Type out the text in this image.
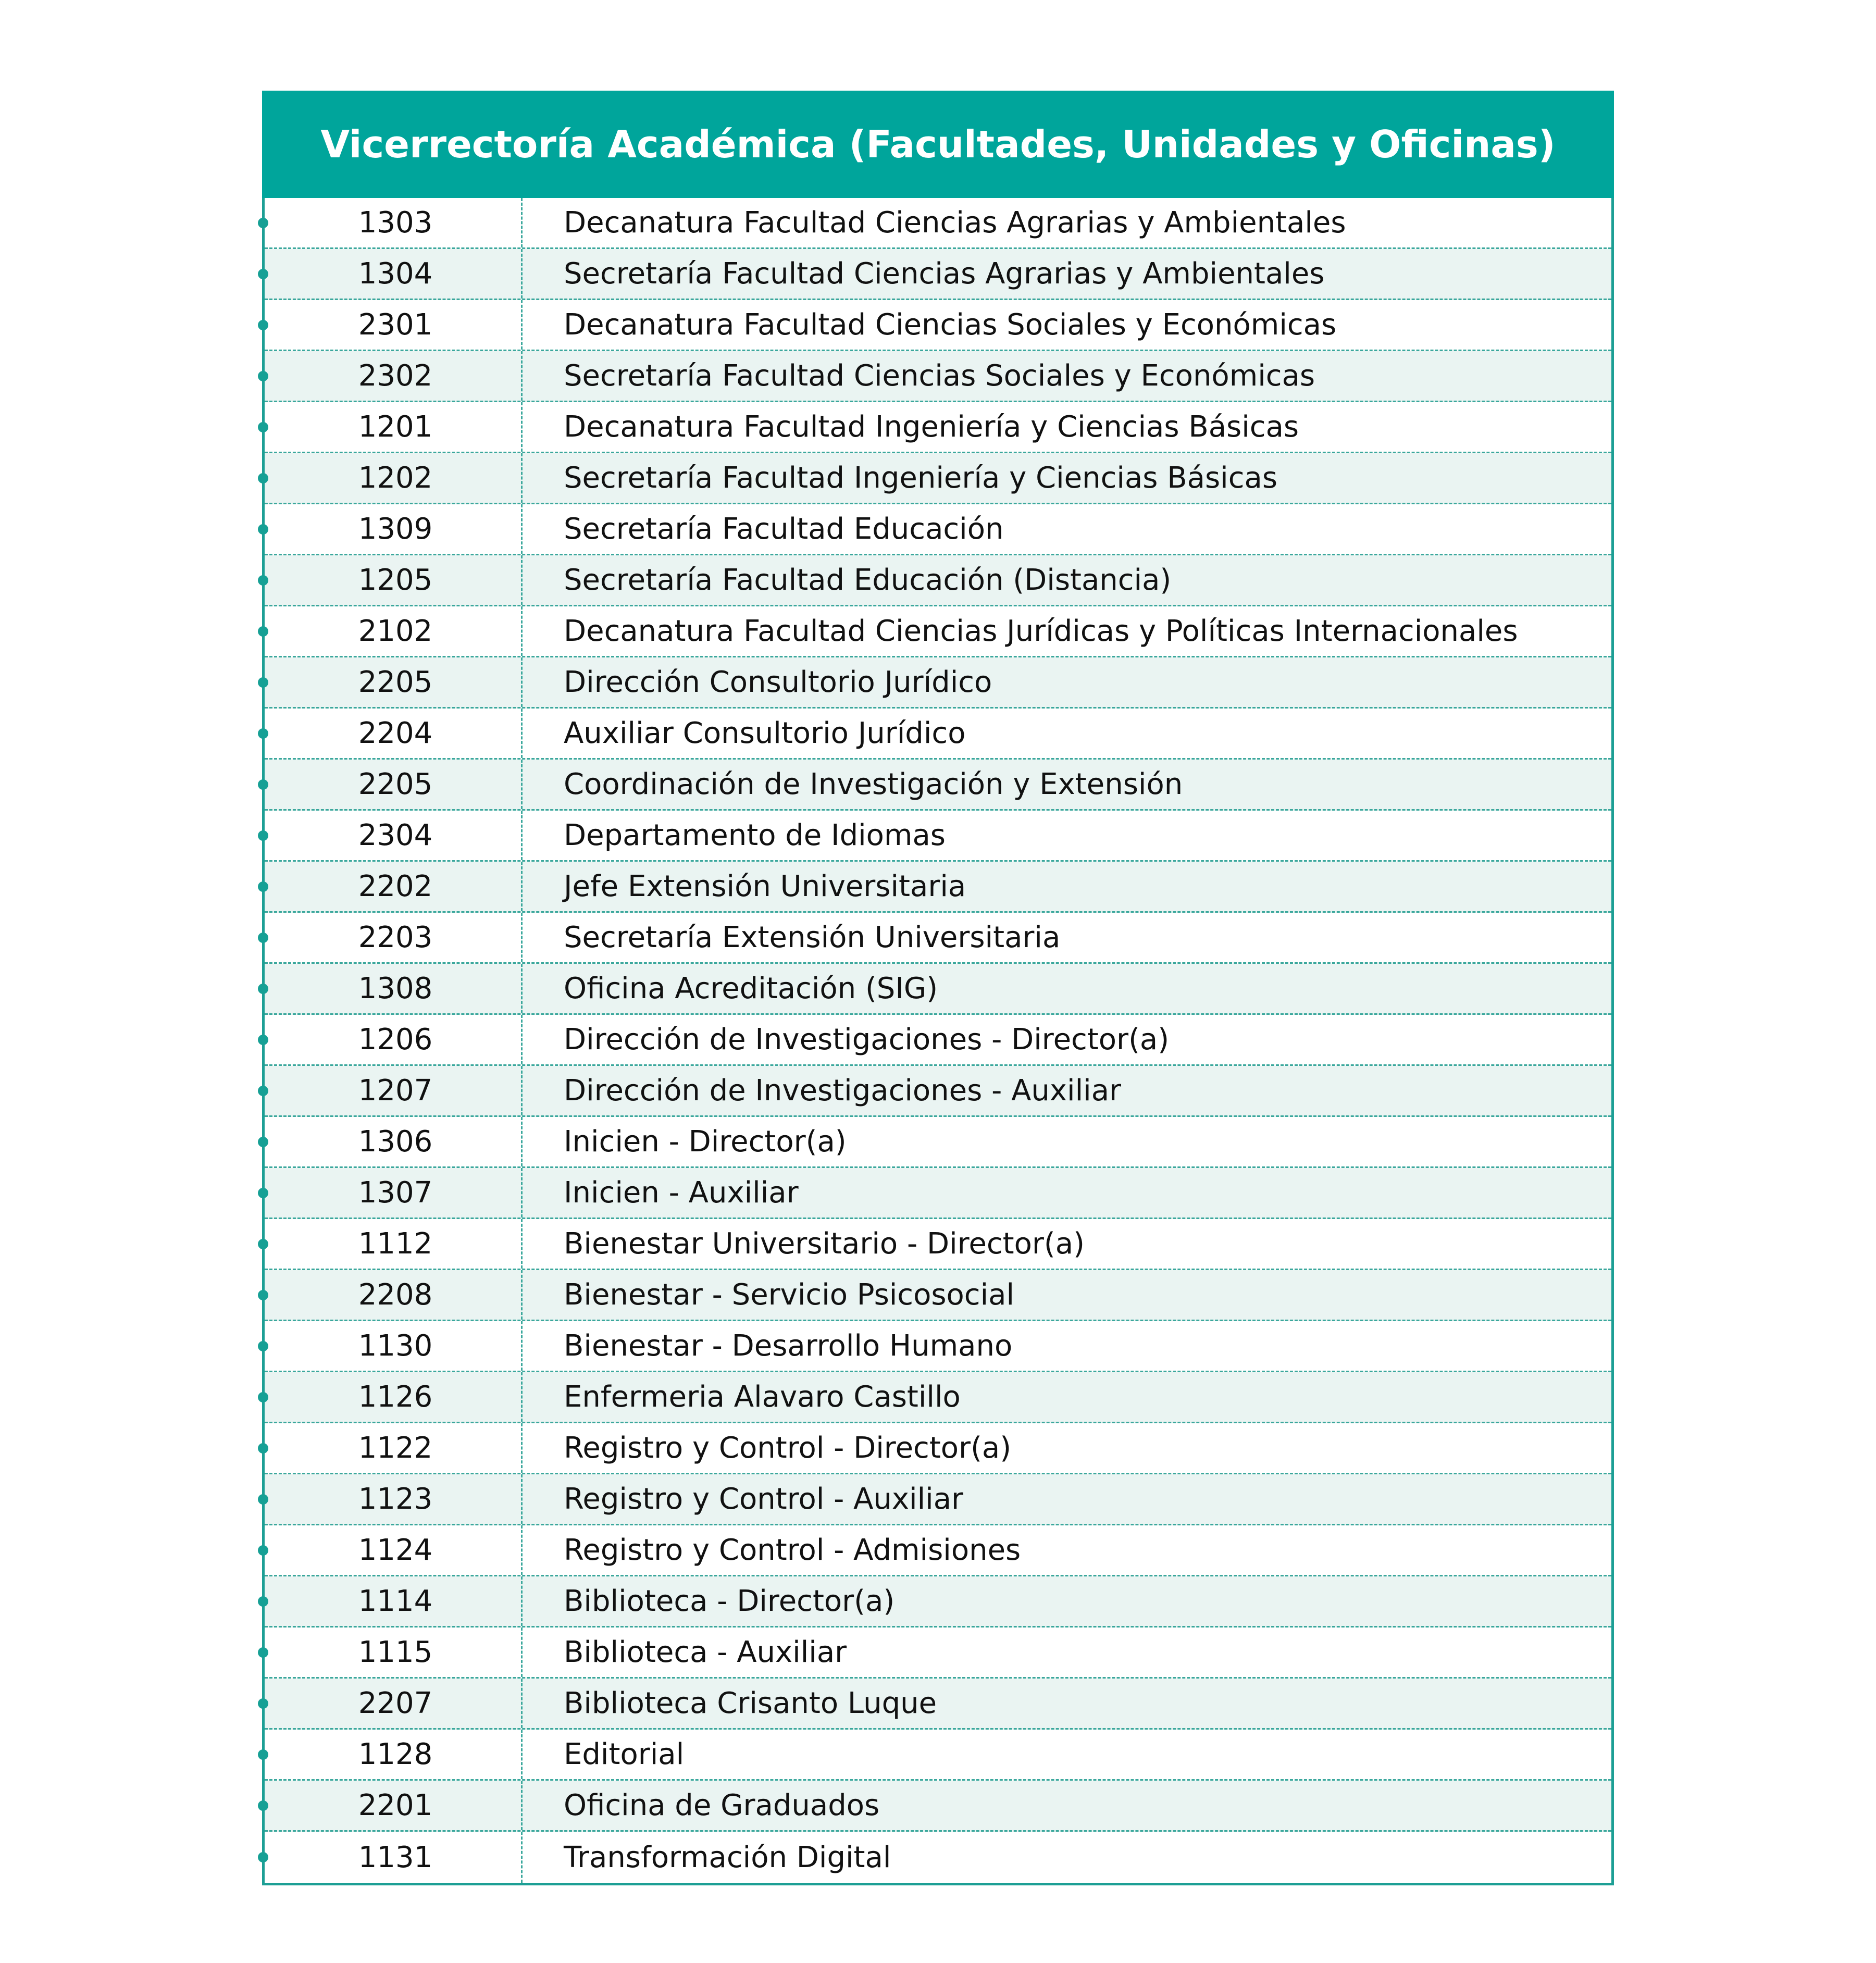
Vicerrectoría Académica (Facultades, Unidades y Oficinas)
1303	Decanatura Facultad Ciencias Agrarias y Ambientales
1304	Secretaría Facultad Ciencias Agrarias y Ambientales
2301	Decanatura Facultad Ciencias Sociales y Económicas
2302	Secretaría Facultad Ciencias Sociales y Económicas
1201	Decanatura Facultad Ingeniería y Ciencias Básicas
1202	Secretaría Facultad Ingeniería y Ciencias Básicas
1309	Secretaría Facultad Educación
1205	Secretaría Facultad Educación (Distancia)
2102	Decanatura Facultad Ciencias Jurídicas y Políticas Internacionales
2205	Dirección Consultorio Jurídico
2204	Auxiliar Consultorio Jurídico
2205	Coordinación de Investigación y Extensión
2304	Departamento de Idiomas
2202	Jefe Extensión Universitaria
2203	Secretaría Extensión Universitaria
1308	Oficina Acreditación (SIG)
1206	Dirección de Investigaciones - Director(a)
1207	Dirección de Investigaciones - Auxiliar
1306	Inicien - Director(a)
1307	Inicien - Auxiliar
1112	Bienestar Universitario - Director(a)
2208	Bienestar - Servicio Psicosocial
1130	Bienestar - Desarrollo Humano
1126	Enfermeria Alavaro Castillo
1122	Registro y Control - Director(a)
1123	Registro y Control - Auxiliar
1124	Registro y Control - Admisiones
1114	Biblioteca - Director(a)
1115	Biblioteca - Auxiliar
2207	Biblioteca Crisanto Luque
1128	Editorial
2201	Oficina de Graduados
1131	Transformación Digital
